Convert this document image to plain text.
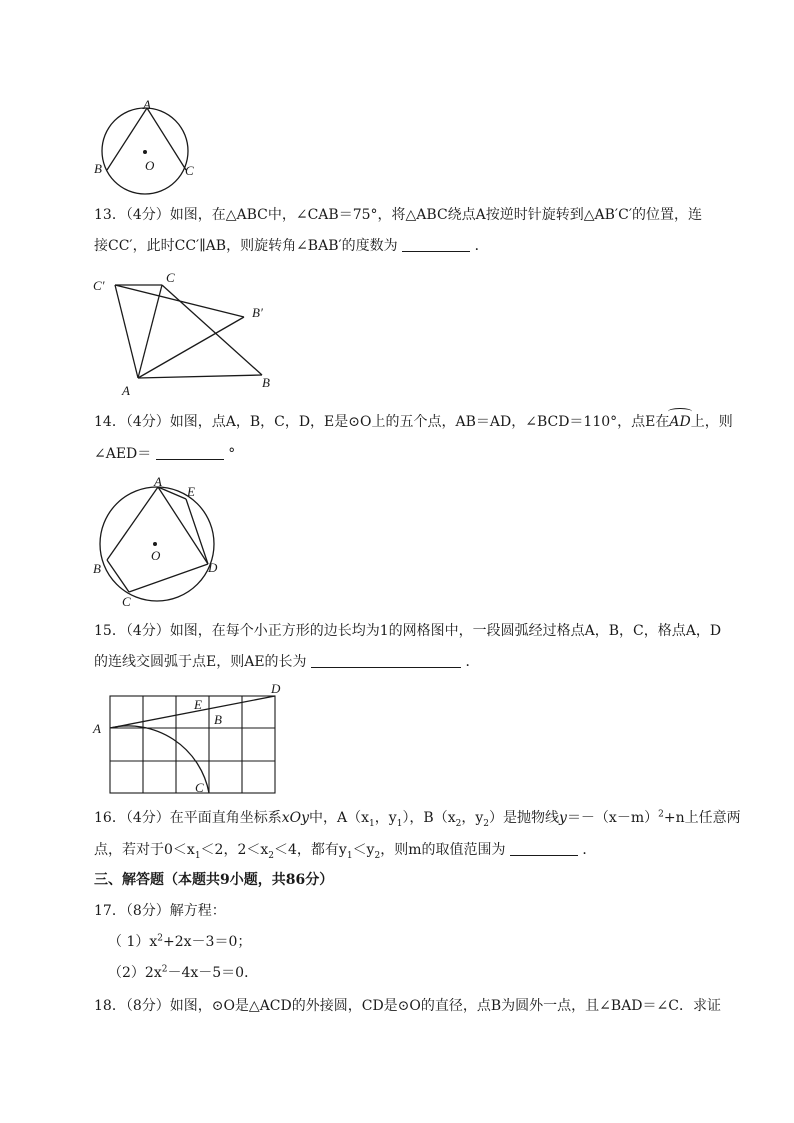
A
B	C
O
13．（4分）如图，在△ABC中，∠CAB＝75°，将△ABC绕点A按逆时针旋转到△AB′C′的位置，连
接CC′，此时CC′∥AB，则旋转角∠BAB′的度数为	．
C′
C
B′
A
B
14．（4分）如图，点A，B，C，D，E是⊙O上的五个点，AB＝AD，∠BCD＝110°，点E在AD上，则
∠AED＝	°
A
E
O
B	D
C
15．（4分）如图，在每个小正方形的边长均为1的网格图中，一段圆弧经过格点A，B，C，格点A，D
的连线交圆弧于点E，则AE的长为	．
A
E
B
C
D
16．（4分）在平面直角坐标系xOy中，$A(x_1$，$y_1$），$B(x_2$，$y_2$）是抛物线$y=-(x-m)^2+n$上任意两
点，若对于$0<x_1<2$，$2<x_2<4$，都有$y_1<y_2$，则m的取值范围为	．
三、解答题（本题共9小题，共86分）
17．（8分）解方程：
（ $1)x^2+2x-3=0$；
$(2)2x^2-4x-5=0$．
18．（8分）如图，⊙O是△ACD的外接圆，CD是⊙O的直径，点B为圆外一点，且∠BAD＝∠C．求证
